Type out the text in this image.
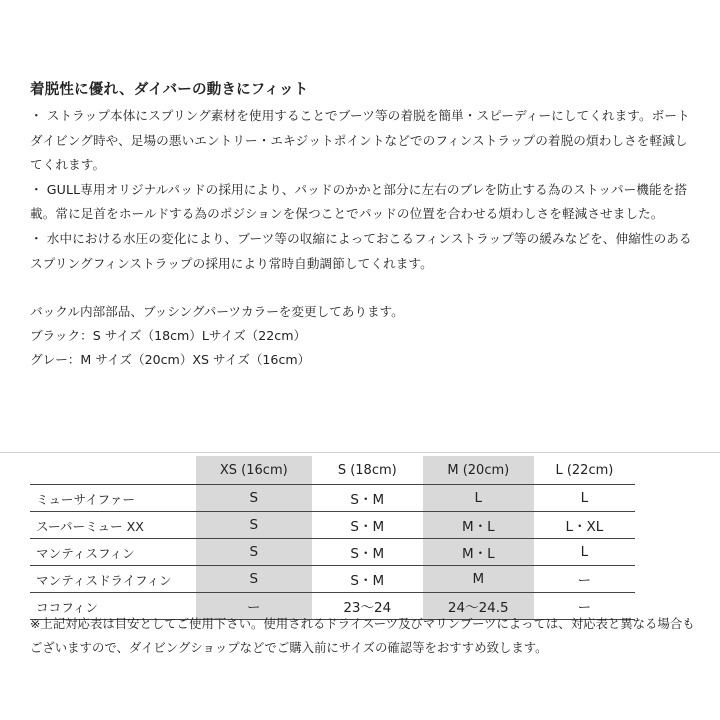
着脱性に優れ、ダイバーの動きにフィット

・ ストラップ本体にスプリング素材を使用することでブーツ等の着脱を簡単・スピーディーにしてくれます。ボートダイビング時や、足場の悪いエントリー・エキジットポイントなどでのフィンストラップの着脱の煩わしさを軽減してくれます。

・ GULL専用オリジナルパッドの採用により、パッドのかかと部分に左右のブレを防止する為のストッパー機能を搭載。常に足首をホールドする為のポジションを保つことでパッドの位置を合わせる煩わしさを軽減させました。

・ 水中における水圧の変化により、ブーツ等の収縮によっておこるフィンストラップ等の緩みなどを、伸縮性のあるスプリングフィンストラップの採用により常時自動調節してくれます。

バックル内部部品、ブッシングパーツカラーを変更してあります。

ブラック：S サイズ（18cm）Lサイズ（22cm）

グレー：M サイズ（20cm）XS サイズ（16cm）

	XS (16cm)	S (18cm)	M (20cm)	L (22cm)
ミューサイファー	S	S・M	L	L
スーパーミュー XX	S	S・M	M・L	L・XL
マンティスフィン	S	S・M	M・L	L
マンティスドライフィン	S	S・M	M	ー
ココフィン	ー	23〜24	24〜24.5	ー

※上記対応表は目安としてご使用下さい。使用されるドライスーツ及びマリンブーツによっては、対応表と異なる場合もございますので、ダイビングショップなどでご購入前にサイズの確認等をおすすめ致します。
